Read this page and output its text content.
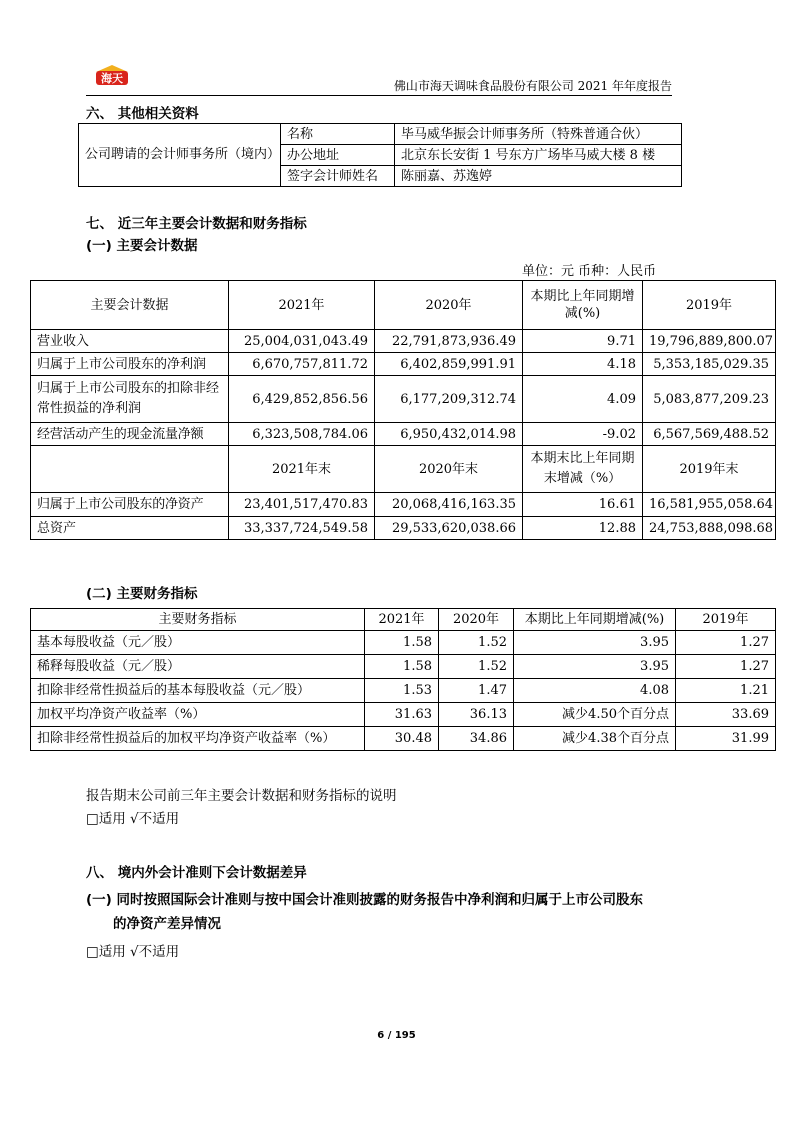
海天
佛山市海天调味食品股份有限公司 2021 年年度报告
六、 其他相关资料
公司聘请的会计师事务所（境内）	名称	毕马威华振会计师事务所（特殊普通合伙）
	办公地址	北京东长安街 1 号东方广场毕马威大楼 8 楼
	签字会计师姓名	陈丽嘉、苏逸婷
七、 近三年主要会计数据和财务指标
(一) 主要会计数据
单位：元 币种：人民币
主要会计数据	2021年	2020年	本期比上年同期增减(%)	2019年
营业收入	25,004,031,043.49	22,791,873,936.49	9.71	19,796,889,800.07
归属于上市公司股东的净利润	6,670,757,811.72	6,402,859,991.91	4.18	5,353,185,029.35
归属于上市公司股东的扣除非经常性损益的净利润	6,429,852,856.56	6,177,209,312.74	4.09	5,083,877,209.23
经营活动产生的现金流量净额	6,323,508,784.06	6,950,432,014.98	-9.02	6,567,569,488.52
	2021年末	2020年末	本期末比上年同期末增减（%）	2019年末
归属于上市公司股东的净资产	23,401,517,470.83	20,068,416,163.35	16.61	16,581,955,058.64
总资产	33,337,724,549.58	29,533,620,038.66	12.88	24,753,888,098.68
(二) 主要财务指标
主要财务指标	2021年	2020年	本期比上年同期增减(%)	2019年
基本每股收益（元／股）	1.58	1.52	3.95	1.27
稀释每股收益（元／股）	1.58	1.52	3.95	1.27
扣除非经常性损益后的基本每股收益（元／股）	1.53	1.47	4.08	1.21
加权平均净资产收益率（%）	31.63	36.13	减少4.50个百分点	33.69
扣除非经常性损益后的加权平均净资产收益率（%）	30.48	34.86	减少4.38个百分点	31.99
报告期末公司前三年主要会计数据和财务指标的说明
□适用 √不适用
八、 境内外会计准则下会计数据差异
(一) 同时按照国际会计准则与按中国会计准则披露的财务报告中净利润和归属于上市公司股东
的净资产差异情况
□适用 √不适用
6 / 195
